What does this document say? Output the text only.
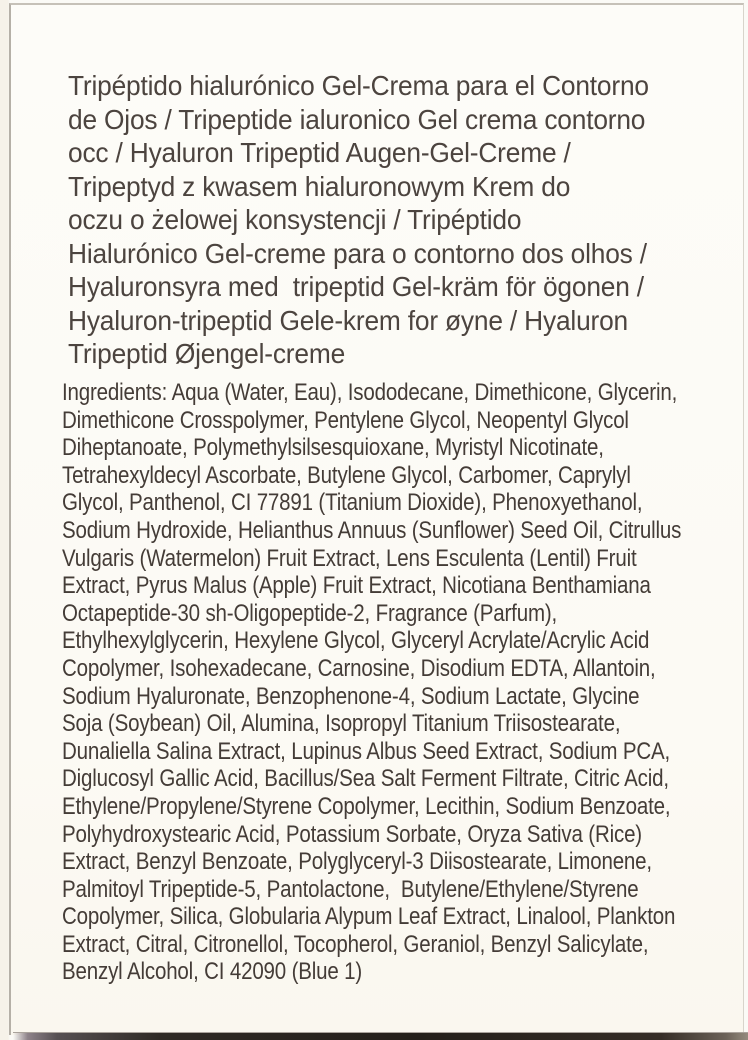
Tripéptido hialurónico Gel-Crema para el Contorno
de Ojos / Tripeptide ialuronico Gel crema contorno
occ / Hyaluron Tripeptid Augen-Gel-Creme /
Tripeptyd z kwasem hialuronowym Krem do
oczu o żelowej konsystencji / Tripéptido
Hialurónico Gel-creme para o contorno dos olhos /
Hyaluronsyra med  tripeptid Gel-kräm för ögonen /
Hyaluron-tripeptid Gele-krem for øyne / Hyaluron
Tripeptid Øjengel-creme
Ingredients: Aqua (Water, Eau), Isododecane, Dimethicone, Glycerin,
Dimethicone Crosspolymer, Pentylene Glycol, Neopentyl Glycol
Diheptanoate, Polymethylsilsesquioxane, Myristyl Nicotinate,
Tetrahexyldecyl Ascorbate, Butylene Glycol, Carbomer, Caprylyl
Glycol, Panthenol, CI 77891 (Titanium Dioxide), Phenoxyethanol,
Sodium Hydroxide, Helianthus Annuus (Sunflower) Seed Oil, Citrullus
Vulgaris (Watermelon) Fruit Extract, Lens Esculenta (Lentil) Fruit
Extract, Pyrus Malus (Apple) Fruit Extract, Nicotiana Benthamiana
Octapeptide-30 sh-Oligopeptide-2, Fragrance (Parfum),
Ethylhexylglycerin, Hexylene Glycol, Glyceryl Acrylate/Acrylic Acid
Copolymer, Isohexadecane, Carnosine, Disodium EDTA, Allantoin,
Sodium Hyaluronate, Benzophenone-4, Sodium Lactate, Glycine
Soja (Soybean) Oil, Alumina, Isopropyl Titanium Triisostearate,
Dunaliella Salina Extract, Lupinus Albus Seed Extract, Sodium PCA,
Diglucosyl Gallic Acid, Bacillus/Sea Salt Ferment Filtrate, Citric Acid,
Ethylene/Propylene/Styrene Copolymer, Lecithin, Sodium Benzoate,
Polyhydroxystearic Acid, Potassium Sorbate, Oryza Sativa (Rice)
Extract, Benzyl Benzoate, Polyglyceryl-3 Diisostearate, Limonene,
Palmitoyl Tripeptide-5, Pantolactone,  Butylene/Ethylene/Styrene
Copolymer, Silica, Globularia Alypum Leaf Extract, Linalool, Plankton
Extract, Citral, Citronellol, Tocopherol, Geraniol, Benzyl Salicylate,
Benzyl Alcohol, CI 42090 (Blue 1)
